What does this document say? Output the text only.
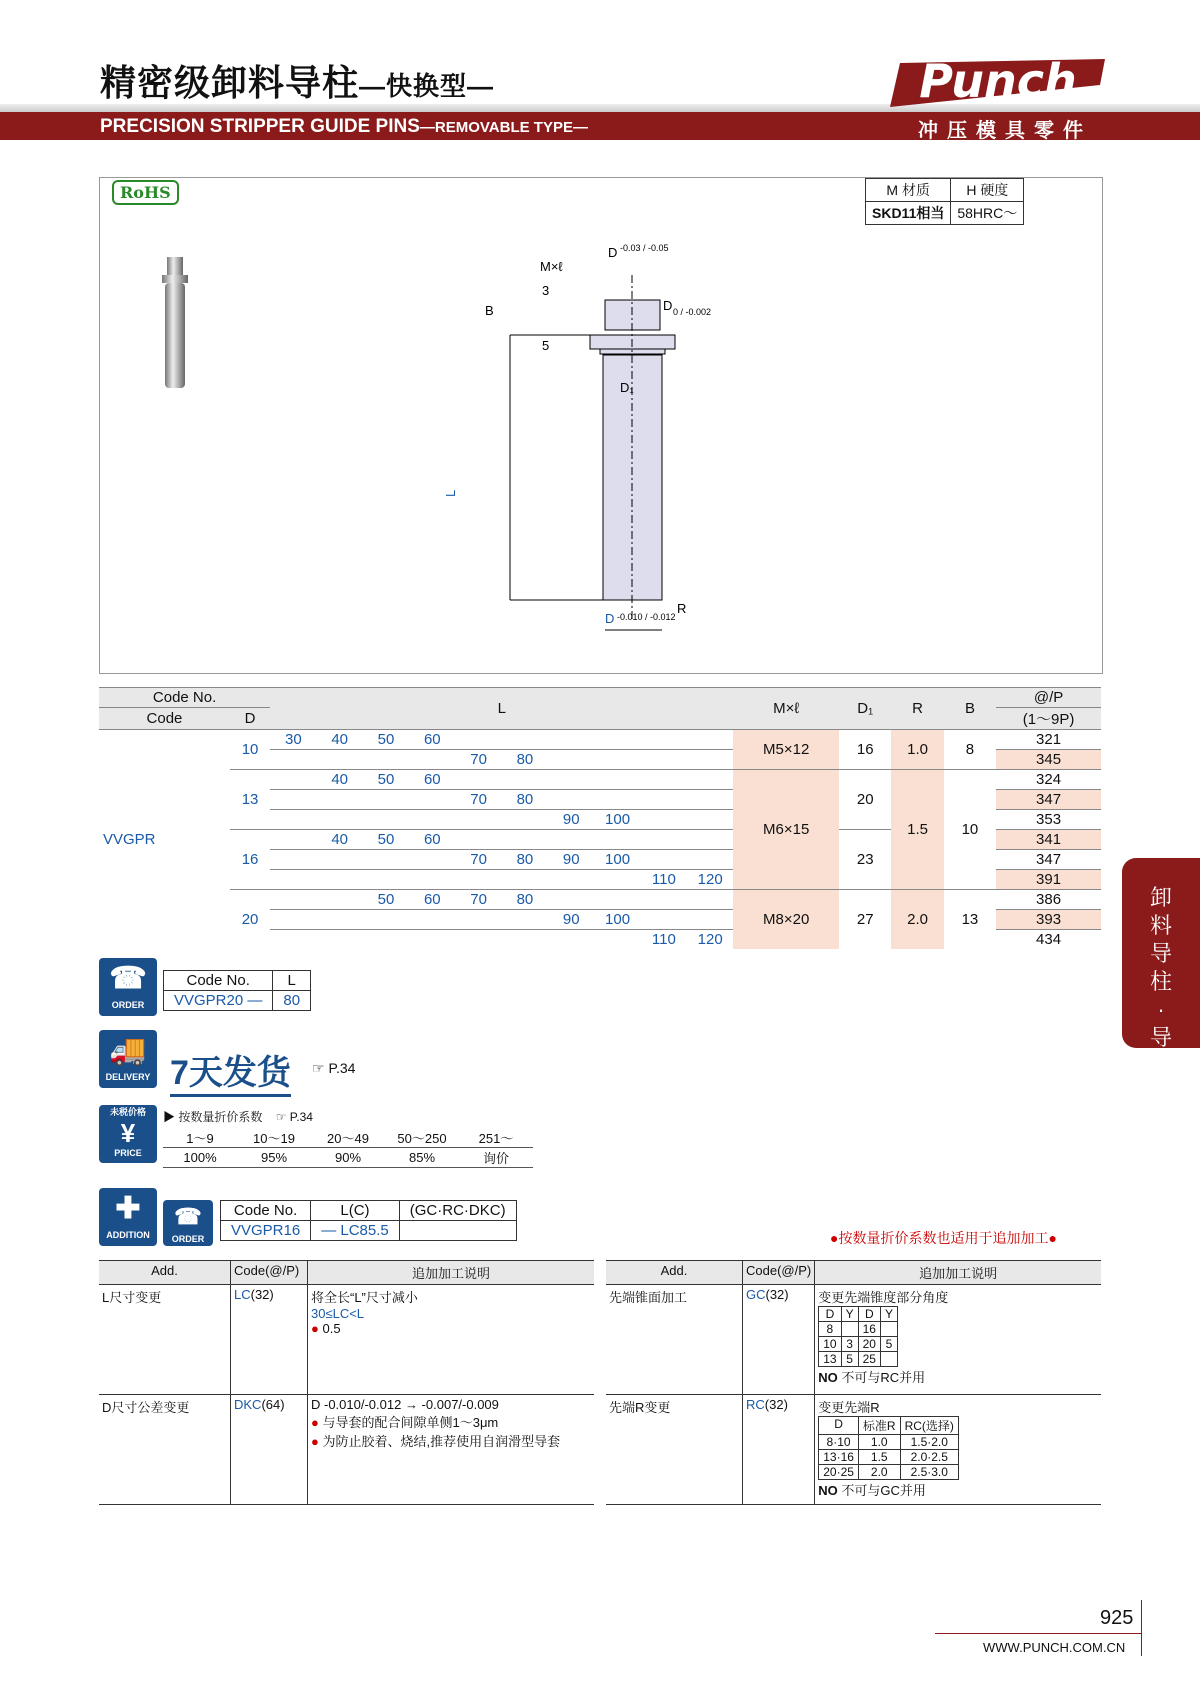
精密级卸料导柱—快换型—
PRECISION STRIPPER GUIDE PINS—REMOVABLE TYPE—
Punch
冲压模具零件
RoHS	M 材质	H 硬度
SKD11相当	58HRC～
B
L
M×ℓ
D -0.03 / -0.05
D 0 / -0.002
D₁
R
D -0.010 / -0.012
3
5
Code No.		L										M×ℓ	D₁	R	B	@/P
Code	D															(1～9P)
VVGPR	10	30	40	50	60							M5×12	16	1.0	8	321
						70	80									345
	13		40	50	60							M6×15	20	1.5	10	324
						70	80									347
								90	100							353
	16		40	50	60								23			341
						70	80	90	100							347
										110	120					391
	20			50	60	70	80					M8×20	27	2.0	13	386
								90	100							393
										110	120					434
☎
ORDER
Code No.	L
VVGPR20 —	80
🚚
DELIVERY 7天发货 ☞ P.34
未税价格
¥
PRICE
▶ 按数量折价系数 ☞ P.34
1～9	10～19	20～49	50～250	251～
100%	95%	90%	85%	询价
✚
ADDITION
☎
ORDER
Code No.	L(C)	(GC·RC·DKC)
VVGPR16	— LC85.5		●按数量折价系数也适用于追加加工●
Add.	Code(@/P)	追加加工说明
L尺寸变更	LC(32)	将全长“L”尺寸减小
30≤LC<L
● 0.5

D尺寸公差变更	DKC(64)	D -0.010/-0.012 → -0.007/-0.009
● 与导套的配合间隙单侧1～3μm
● 为防止胶着、烧结,推荐使用自润滑型导套
Add.	Code(@/P)	追加加工说明
先端锥面加工	GC(32)	变更先端锥度部分角度
D	Y	D	Y
8		16	
10	3	20	5
13	5	25	
NO 不可与RC并用

先端R变更	RC(32)	变更先端R
D	标准R	RC(选择)
8·10	1.0	1.5·2.0
13·16	1.5	2.0·2.5
20·25	2.0	2.5·3.0
NO 不可与GC并用
卸料导柱·导套
925
WWW.PUNCH.COM.CN
